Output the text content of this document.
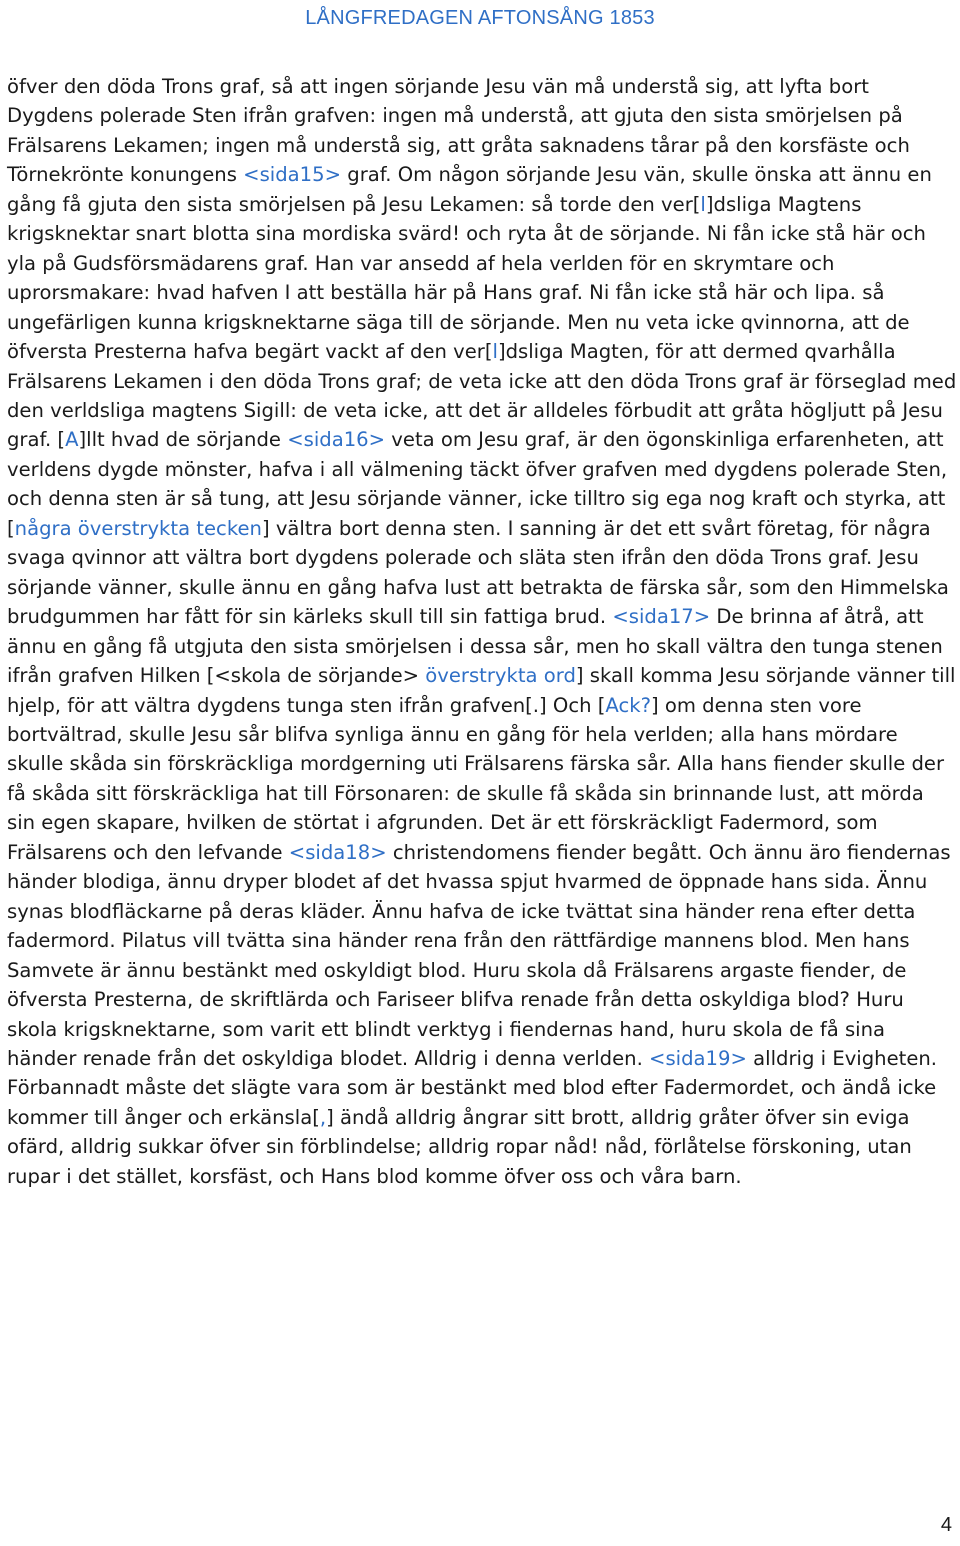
LÅNGFREDAGEN AFTONSÅNG 1853

öfver den döda Trons graf, så att ingen sörjande Jesu vän må understå sig, att lyfta bort Dygdens polerade Sten ifrån grafven: ingen må understå, att gjuta den sista smörjelsen på Frälsarens Lekamen; ingen må understå sig, att gråta saknadens tårar på den korsfäste och Törnekrönte konungens <sida15> graf. Om någon sörjande Jesu vän, skulle önska att ännu en gång få gjuta den sista smörjelsen på Jesu Lekamen: så torde den ver[l]dsliga Magtens krigsknektar snart blotta sina mordiska svärd! och ryta åt de sörjande. Ni fån icke stå här och yla på Gudsförsmädarens graf. Han var ansedd af hela verlden för en skrymtare och uprorsmakare: hvad hafven I att beställa här på Hans graf. Ni fån icke stå här och lipa. så ungefärligen kunna krigsknektarne säga till de sörjande. Men nu veta icke qvinnorna, att de öfversta Presterna hafva begärt vackt af den ver[l]dsliga Magten, för att dermed qvarhålla Frälsarens Lekamen i den döda Trons graf; de veta icke att den döda Trons graf är förseglad med den verldsliga magtens Sigill: de veta icke, att det är alldeles förbudit att gråta högljutt på Jesu graf. [A]llt hvad de sörjande <sida16> veta om Jesu graf, är den ögonskinliga erfarenheten, att verldens dygde mönster, hafva i all välmening täckt öfver grafven med dygdens polerade Sten, och denna sten är så tung, att Jesu sörjande vänner, icke tilltro sig ega nog kraft och styrka, att [några överstrykta tecken] vältra bort denna sten. I sanning är det ett svårt företag, för några svaga qvinnor att vältra bort dygdens polerade och släta sten ifrån den döda Trons graf. Jesu sörjande vänner, skulle ännu en gång hafva lust att betrakta de färska sår, som den Himmelska brudgummen har fått för sin kärleks skull till sin fattiga brud. <sida17> De brinna af åtrå, att ännu en gång få utgjuta den sista smörjelsen i dessa sår, men ho skall vältra den tunga stenen ifrån grafven Hilken [<skola de sörjande> överstrykta ord] skall komma Jesu sörjande vänner till hjelp, för att vältra dygdens tunga sten ifrån grafven[.] Och [Ack?] om denna sten vore bortvältrad, skulle Jesu sår blifva synliga ännu en gång för hela verlden; alla hans mördare skulle skåda sin förskräckliga mordgerning uti Frälsarens färska sår. Alla hans fiender skulle der få skåda sitt förskräckliga hat till Försonaren: de skulle få skåda sin brinnande lust, att mörda sin egen skapare, hvilken de störtat i afgrunden. Det är ett förskräckligt Fadermord, som Frälsarens och den lefvande <sida18> christendomens fiender begått. Och ännu äro fiendernas händer blodiga, ännu dryper blodet af det hvassa spjut hvarmed de öppnade hans sida. Ännu synas blodfläckarne på deras kläder. Ännu hafva de icke tvättat sina händer rena efter detta fadermord. Pilatus vill tvätta sina händer rena från den rättfärdige mannens blod. Men hans Samvete är ännu bestänkt med oskyldigt blod. Huru skola då Frälsarens argaste fiender, de öfversta Presterna, de skriftlärda och Fariseer blifva renade från detta oskyldiga blod? Huru skola krigsknektarne, som varit ett blindt verktyg i fiendernas hand, huru skola de få sina händer renade från det oskyldiga blodet. Alldrig i denna verlden. <sida19> alldrig i Evigheten. Förbannadt måste det slägte vara som är bestänkt med blod efter Fadermordet, och ändå icke kommer till ånger och erkänsla[,] ändå alldrig ångrar sitt brott, alldrig gråter öfver sin eviga ofärd, alldrig sukkar öfver sin förblindelse; alldrig ropar nåd! nåd, förlåtelse förskoning, utan rupar i det stället, korsfäst, och Hans blod komme öfver oss och våra barn.

4
